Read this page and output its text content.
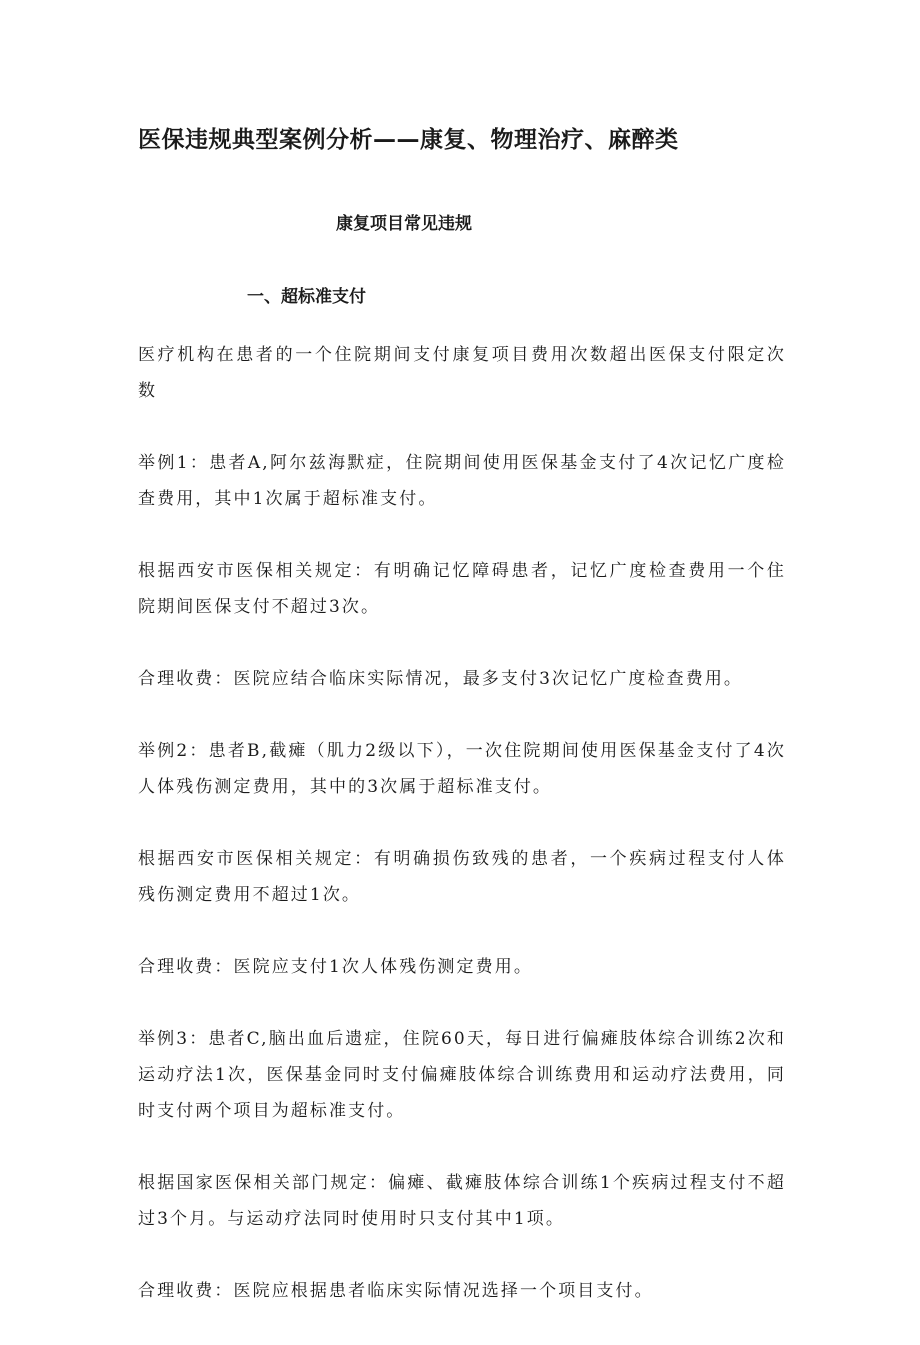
医保违规典型案例分析——康复、物理治疗、麻醉类
康复项目常见违规
一、超标准支付

医疗机构在患者的一个住院期间支付康复项目费用次数超出医保支付限定次数

举例1：患者A,阿尔兹海默症，住院期间使用医保基金支付了4次记忆广度检查费用，其中1次属于超标准支付。

根据西安市医保相关规定：有明确记忆障碍患者，记忆广度检查费用一个住院期间医保支付不超过3次。

合理收费：医院应结合临床实际情况，最多支付3次记忆广度检查费用。

举例2：患者B,截瘫（肌力2级以下），一次住院期间使用医保基金支付了4次人体残伤测定费用，其中的3次属于超标准支付。

根据西安市医保相关规定：有明确损伤致残的患者，一个疾病过程支付人体残伤测定费用不超过1次。

合理收费：医院应支付1次人体残伤测定费用。

举例3：患者C,脑出血后遗症，住院60天，每日进行偏瘫肢体综合训练2次和运动疗法1次，医保基金同时支付偏瘫肢体综合训练费用和运动疗法费用，同时支付两个项目为超标准支付。

根据国家医保相关部门规定：偏瘫、截瘫肢体综合训练1个疾病过程支付不超过3个月。与运动疗法同时使用时只支付其中1项。

合理收费：医院应根据患者临床实际情况选择一个项目支付。
